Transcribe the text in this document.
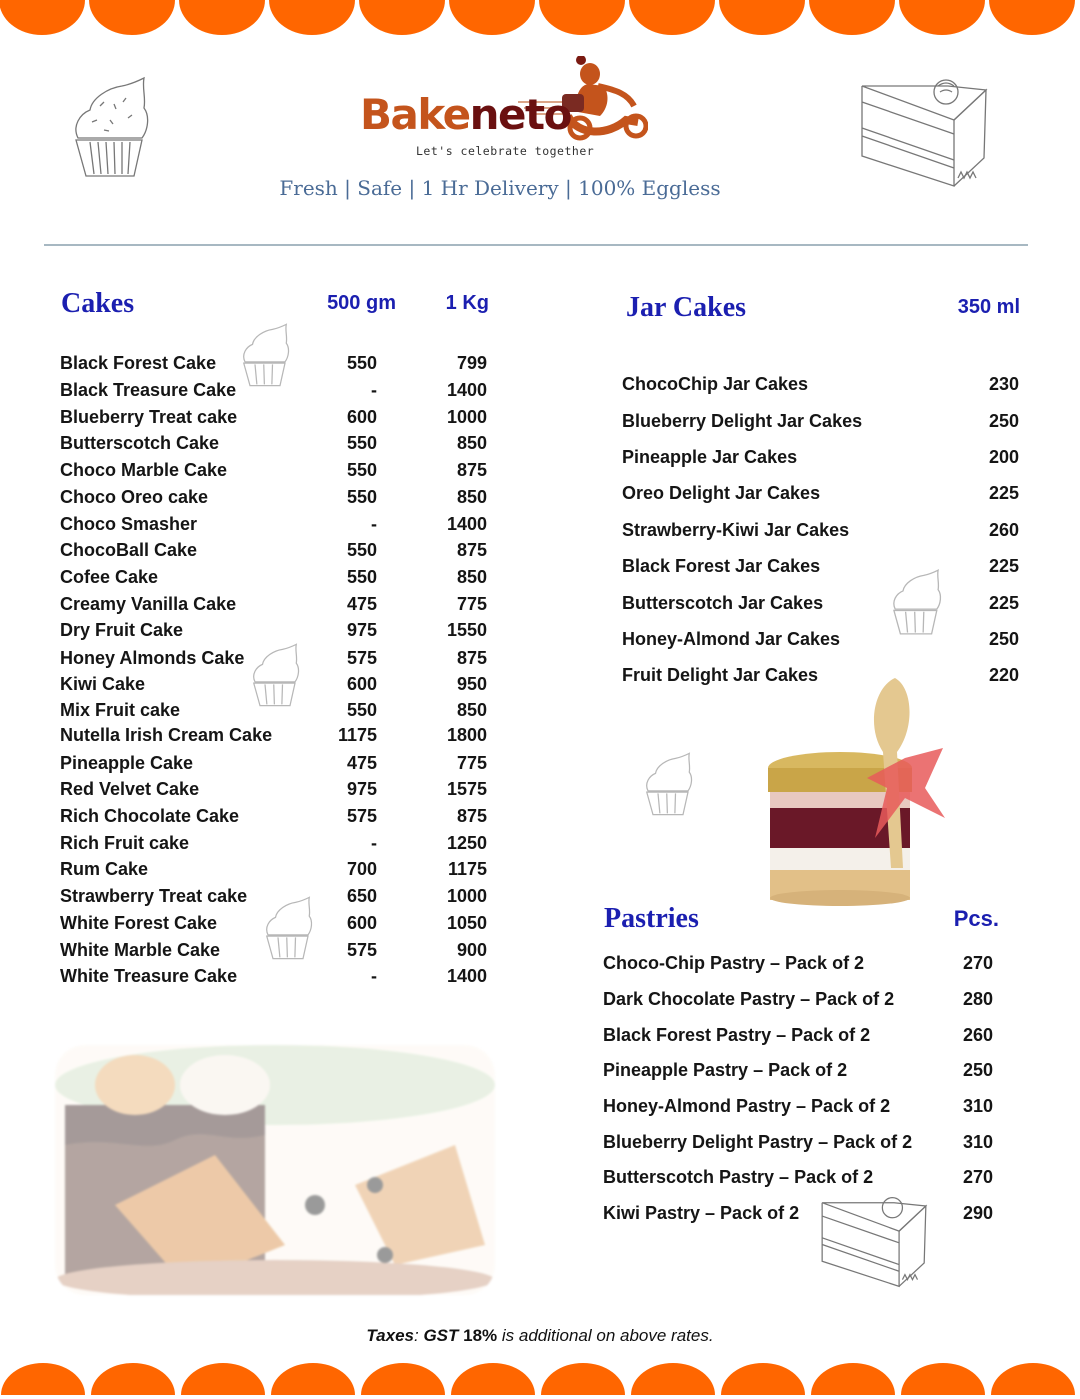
Bakeneto
Let's celebrate together
Fresh | Safe | 1 Hr Delivery | 100% Eggless
Cakes	500 gm	1 Kg
Black Forest Cake	550	799
Black Treasure Cake	-	1400
Blueberry Treat cake	600	1000
Butterscotch Cake	550	850
Choco Marble Cake	550	875
Choco Oreo cake	550	850
Choco Smasher	-	1400
ChocoBall Cake	550	875
Cofee Cake	550	850
Creamy Vanilla Cake	475	775
Dry Fruit Cake	975	1550
Honey Almonds Cake	575	875
Kiwi Cake	600	950
Mix Fruit cake	550	850
Nutella Irish Cream Cake	1175	1800
Pineapple Cake	475	775
Red Velvet Cake	975	1575
Rich Chocolate Cake	575	875
Rich Fruit cake	-	1250
Rum Cake	700	1175
Strawberry Treat cake	650	1000
White Forest Cake	600	1050
White Marble Cake	575	900
White Treasure Cake	-	1400
Jar Cakes	350 ml
ChocoChip Jar Cakes	230
Blueberry Delight Jar Cakes	250
Pineapple Jar Cakes	200
Oreo Delight Jar Cakes	225
Strawberry-Kiwi Jar Cakes	260
Black Forest Jar Cakes	225
Butterscotch Jar Cakes	225
Honey-Almond Jar Cakes	250
Fruit Delight Jar Cakes	220
Pastries	Pcs.
Choco-Chip Pastry – Pack of 2	270
Dark Chocolate Pastry – Pack of 2	280
Black Forest Pastry – Pack of 2	260
Pineapple Pastry – Pack of 2	250
Honey-Almond Pastry – Pack of 2	310
Blueberry Delight Pastry – Pack of 2	310
Butterscotch Pastry – Pack of 2	270
Kiwi Pastry – Pack of 2	290
Taxes: GST 18% is additional on above rates.
